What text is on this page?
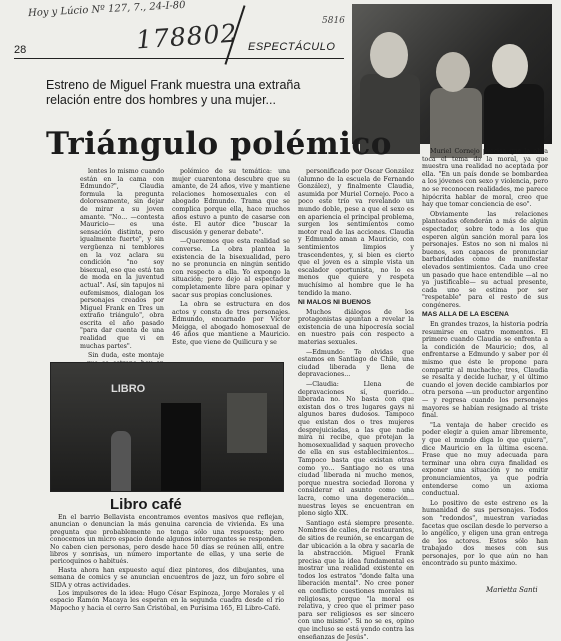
Hoy y Lúcio Nº 127, 7., 24-I-80
178802	5816
28	ESPECTÁCULO
Estreno de Miguel Frank muestra una extraña relación entre dos hombres y una mujer...
Triángulo polémico

lentes lo mismo cuando están en la cama con Edmundo?", Claudia formula la pregunta dolorosamente, sin dejar de mirar a su joven amante. "No... —contesta Mauricio— es una sensación distinta, pero igualmente fuerte", y sin vergüenza ni temblores en la voz aclara su condición "no soy bisexual, eso que está tan de moda en la juventud actual". Así, sin tapujos ni eufemismos, dialogan los personajes creados por Miguel Frank en Tres un extraño triángulo", obra escrita el año pasado "para dar cuenta de una realidad que vi en muchas partes".

Sin duda, este montaje

polémico de su temática: una mujer cuarentona descubre que su amante, de 24 años, vive y mantiene relaciones homosexuales con el abogado Edmundo. Trama que se complica porque ella, hace muchos años estuvo a punto de casarse con éste. El autor dice "buscar la discusión y generar debate".

—Queremos que esta realidad se converse. La obra plantea la existencia de la bisexualidad, pero no se pronuncia en ningún sentido con respecto a ella. Yo expongo la situación; pero dejo al espectador completamente libre para opinar y sacar sus propias conclusiones.

La obra se estructura en dos actos y consta de tres personajes. Edmundo, encarnado por Víctor Meigga, el abogado homosexual de 46 años que mantiene a Mauricio. Este, que viene de Quilicura y se

personificado por Oscar González (alumno de la escuela de Fernando González), y finalmente Claudia, asumida por Muriel Cornejo. Poco a poco este trío va revelando un mundo doble, pese a que el sexo es en apariencia el principal problema, surgen los sentimientos como motor real de las acciones. Claudia y Edmundo aman a Mauricio, con sentimientos limpios y trascendentes, y, si bien es cierto que el joven es a simple vista un escalador oportunista, no lo es menos que quiere y respeta muchísimo al hombre que le ha tendido la mano.

NI MALOS NI BUENOS

Muchos diálogos de los protagonistas apuntan a revelar la existencia de una hipocresía social en nuestro país con respecto a materias sexuales.

—Edmundo: Te olvidas que estamos en Santiago de Chile, una ciudad liberada y llena de depravaciones...

—Claudia: Llena de depravaciones sí, querido... liberada no. No basta con que existan dos o tres lugares gays ni algunos bares dudosos. Tampoco que existan dos o tres mujeres desprejuiciadas, a las que nadie mira ni recibe, que protejan la homosexualidad y saquen provecho de ella en sus establecimientos... Tampoco basta que existan otras como yo... Santiago no es una ciudad liberada ni mucho menos, porque nuestra sociedad llorona y considerar el asunto como una lacra, como una degeneración... nuestras leyes se encuentran en pleno siglo XIX.

Santiago está siempre presente. Nombres de calles, de restaurantes, de sitios de reunión, se encargan de dar ubicación a la obra y sacarla de la abstracción. Miguel Frank precisa que la idea fundamental es mostrar una realidad existente en todos los estratos "donde falta una liberación mental". No cree poner en conflicto cuestiones morales ni religiosas, porque "la moral es relativa, y creo que el primer paso para ser religiosos es ser sincero con uno mismo". Si no se es, opino que incluso se está yendo contra las enseñanzas de Jesús".

Muriel Cornejo precisa que la obra toca el tema de la moral, ya que muestra una realidad no aceptada por ella. "En un país donde se bombardea a los jóvenes con sexo y violencia, pero no se reconocen realidades, me parece hipócrita hablar de moral, creo que hay que tomar conciencia de eso".

Obviamente las relaciones planteadas ofenderán a más de algún espectador, sobre todo a los que esperen algún sanción moral para los personajes. Estos no son ni malos ni buenos, son capaces de pronunciar barbaridades como de manifestar elevados sentimientos. Cada uno cree un pasado que hace entendible —al no ya justificable— su actual presente, cada uno se estima por ser "respetable" para el resto de sus congéneres.

MAS ALLA DE LA ESCENA

En grandes trazos, la historia podría resumirse en cuatro momentos. El primero cuando Claudia se enfrenta a la condición de Mauricio; dos, al enfrentarse a Edmundo y saber por él mismo que éste le propone para compartir al muchacho; tres, Claudia se resalta y decide luchar, y el último cuando el joven decide cambiarlos por otra persona —un productor argentino— y regresa cuando los personajes mayores se habían resignado al triste final.

"La ventaja de haber crecido es poder elegir a quien amar libremente, y que el mundo diga lo que quiera", dice Mauricio en la última escena. Frase que no muy adecuada para terminar una obra cuya finalidad es exponer una situación y no emitir pronunciamientos, ya que podría entenderse como un axioma conductual.

Lo positivo de este estreno es la humanidad de sus personajes. Todos son "redondos", muestran variadas facetas que oscilan desde lo perverso a lo angélico, y eligen una gran entrega de los actores. Estos sólo han trabajado dos meses con sus personajes, por lo que aún no han encontrado su punto máximo.

LIBRO
Libro café

En el barrio Bellavista encontramos eventos masivos que reflejan, anuncian o denuncian la más genuina carencia de vivienda. Es una pregunta que probablemente no tenga sólo una respuesta; pero conocemos un micro espacio donde algunos interrogantes se responden. No caben cien personas, pero desde hace 50 días se reúnen allí, entre libros y sonrisas, un número importante de ellas, y una serie de pericoquinos o habitués.

Hasta ahora han expuesto aquí diez pintores, dos dibujantes, una semana de comics y se anuncian encuentros de jazz, un foro sobre el SIDA y otras actividades.

Los impulsores de la idea: Hugo César Espinoza, Jorge Morales y el espacio Ramón Macaya les esperan en la segunda cuadra desde el río Mapocho y hacia el cerro San Cristóbal, en Purísima 165, El Libro-Café.

Marietta Santi
